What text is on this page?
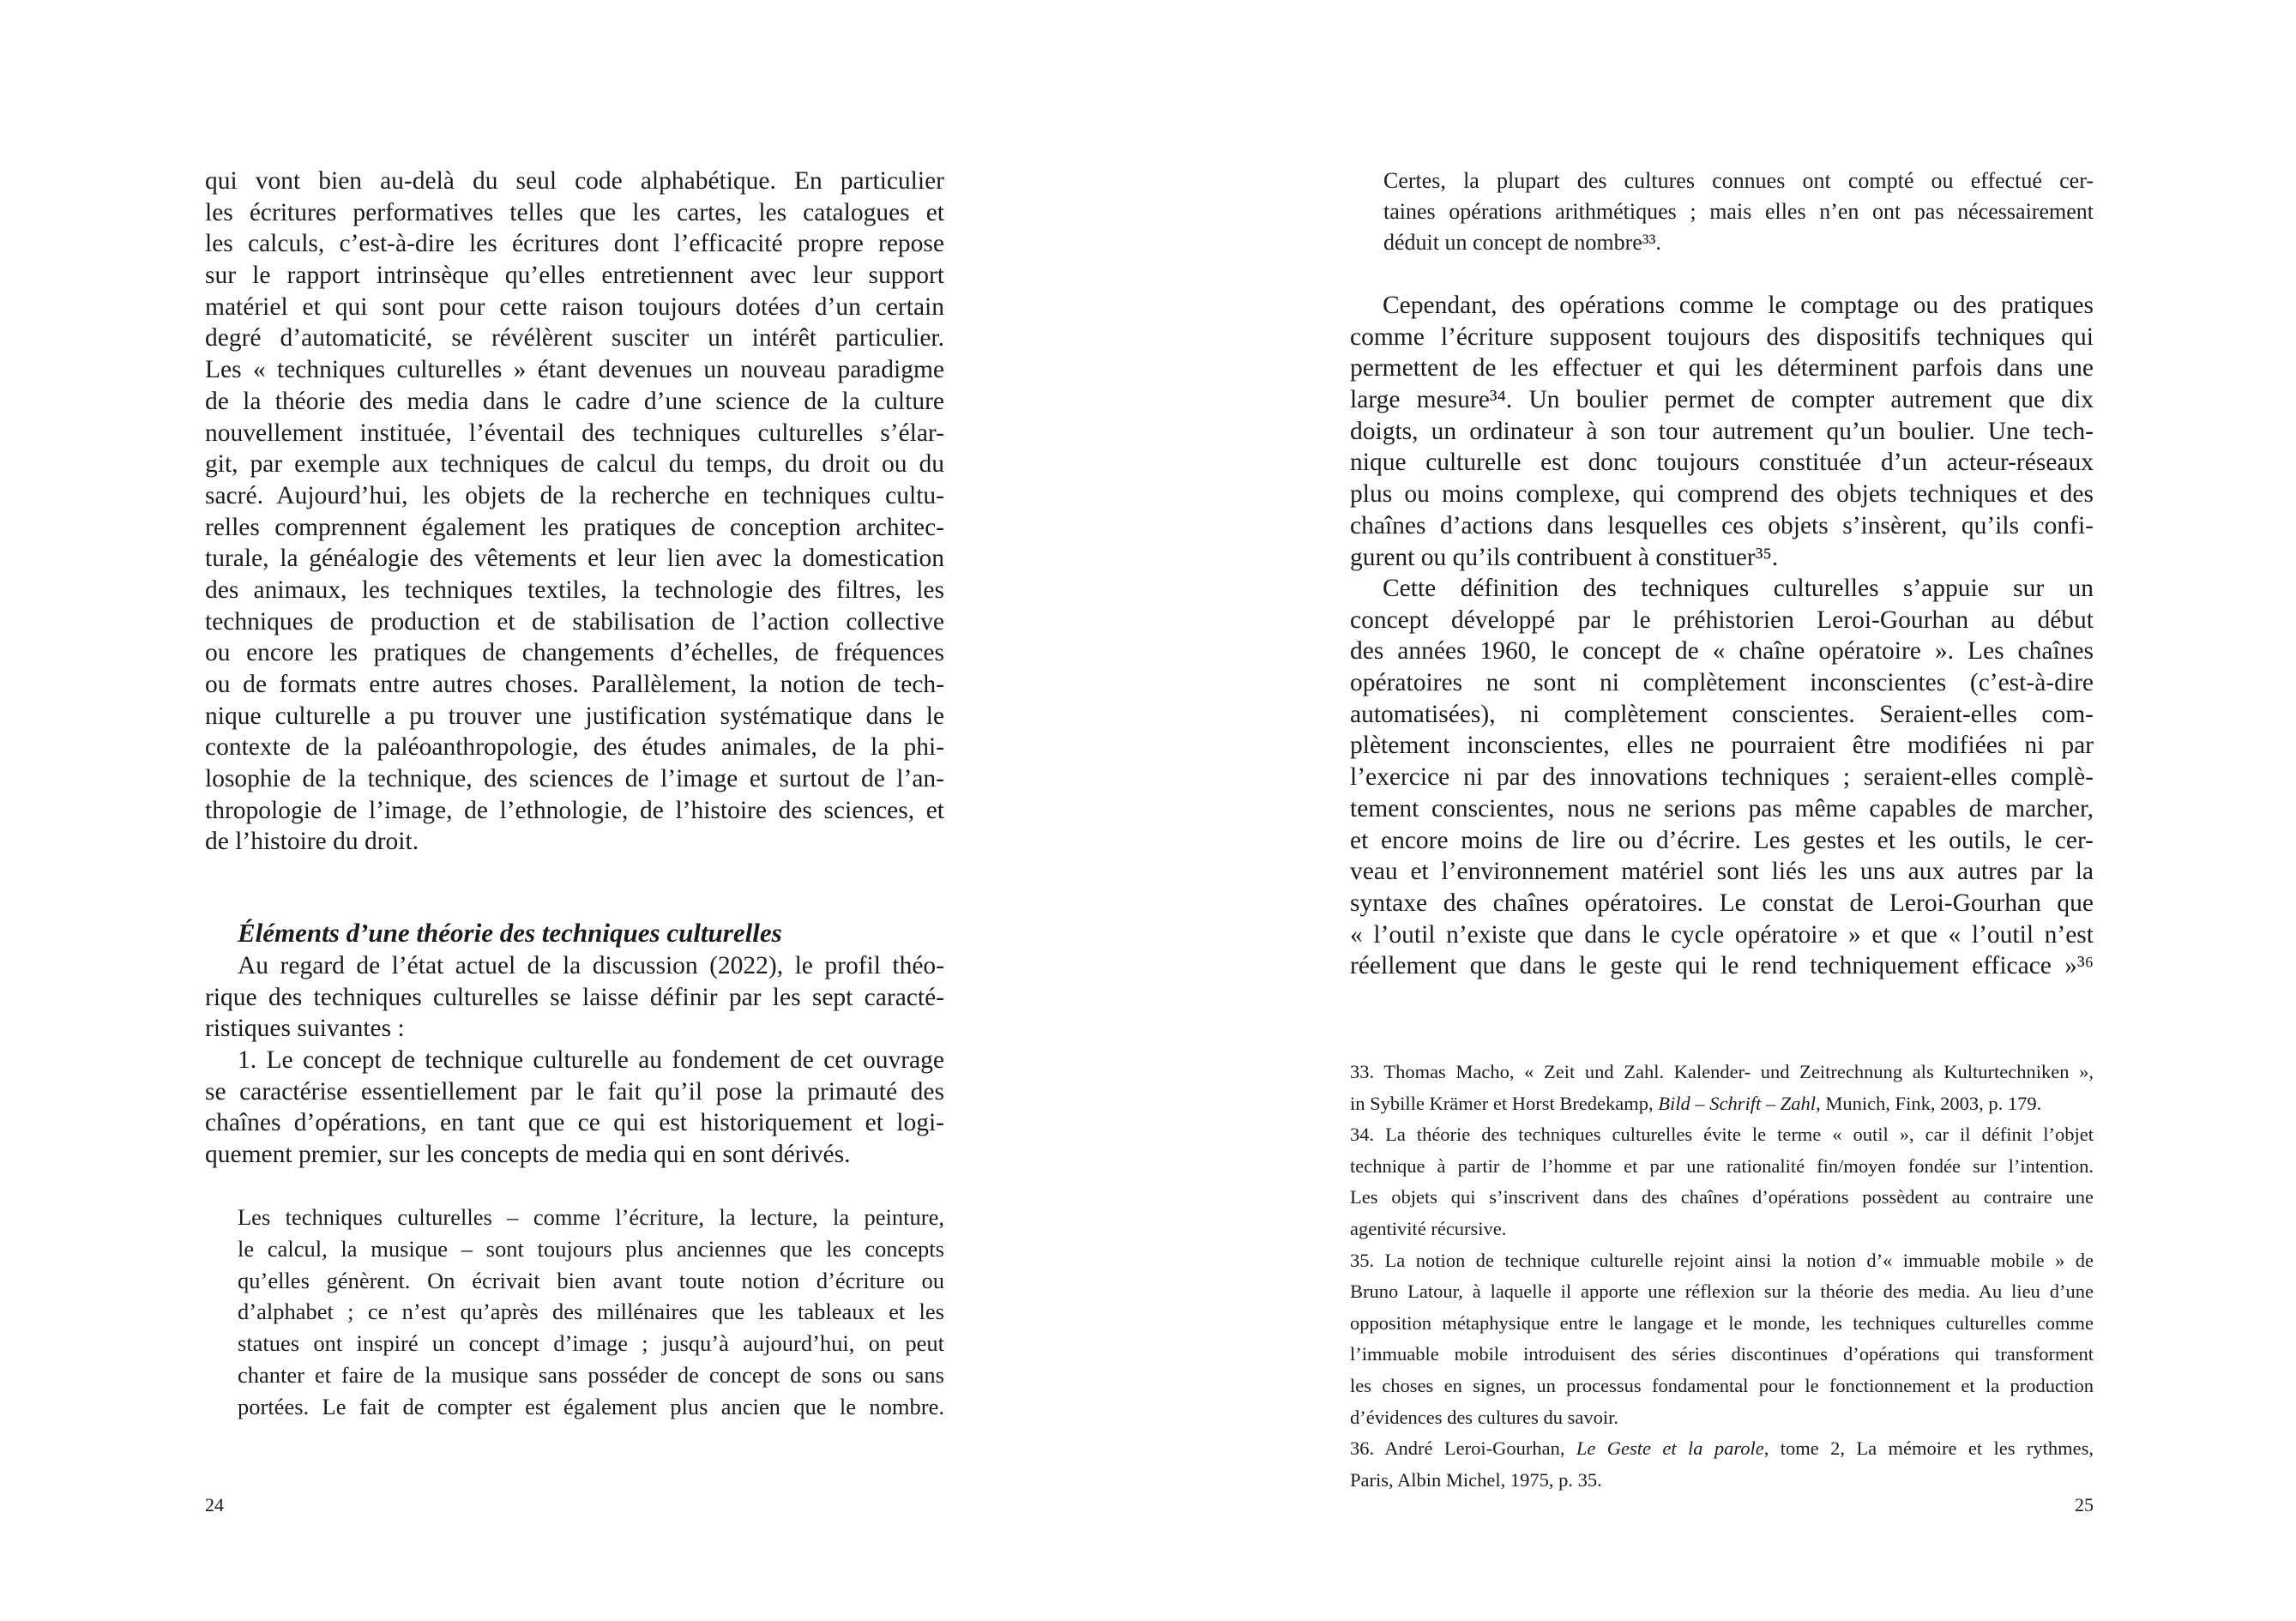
qui vont bien au-delà du seul code alphabétique. En particulier
les écritures performatives telles que les cartes, les catalogues et
les calculs, c’est-à-dire les écritures dont l’efficacité propre repose
sur le rapport intrinsèque qu’elles entretiennent avec leur support
matériel et qui sont pour cette raison toujours dotées d’un certain
degré d’automaticité, se révélèrent susciter un intérêt particulier.
Les « techniques culturelles » étant devenues un nouveau paradigme
de la théorie des media dans le cadre d’une science de la culture
nouvellement instituée, l’éventail des techniques culturelles s’élar-
git, par exemple aux techniques de calcul du temps, du droit ou du
sacré. Aujourd’hui, les objets de la recherche en techniques cultu-
relles comprennent également les pratiques de conception architec-
turale, la généalogie des vêtements et leur lien avec la domestication
des animaux, les techniques textiles, la technologie des filtres, les
techniques de production et de stabilisation de l’action collective
ou encore les pratiques de changements d’échelles, de fréquences
ou de formats entre autres choses. Parallèlement, la notion de tech-
nique culturelle a pu trouver une justification systématique dans le
contexte de la paléoanthropologie, des études animales, de la phi-
losophie de la technique, des sciences de l’image et surtout de l’an-
thropologie de l’image, de l’ethnologie, de l’histoire des sciences, et
de l’histoire du droit.
Éléments d’une théorie des techniques culturelles
Au regard de l’état actuel de la discussion (2022), le profil théo-
rique des techniques culturelles se laisse définir par les sept caracté-
ristiques suivantes :
1. Le concept de technique culturelle au fondement de cet ouvrage
se caractérise essentiellement par le fait qu’il pose la primauté des
chaînes d’opérations, en tant que ce qui est historiquement et logi-
quement premier, sur les concepts de media qui en sont dérivés.
Les techniques culturelles – comme l’écriture, la lecture, la peinture,
le calcul, la musique – sont toujours plus anciennes que les concepts
qu’elles génèrent. On écrivait bien avant toute notion d’écriture ou
d’alphabet ; ce n’est qu’après des millénaires que les tableaux et les
statues ont inspiré un concept d’image ; jusqu’à aujourd’hui, on peut
chanter et faire de la musique sans posséder de concept de sons ou sans
portées. Le fait de compter est également plus ancien que le nombre.
24
Certes, la plupart des cultures connues ont compté ou effectué cer-
taines opérations arithmétiques ; mais elles n’en ont pas nécessairement
déduit un concept de nombre³³.
Cependant, des opérations comme le comptage ou des pratiques
comme l’écriture supposent toujours des dispositifs techniques qui
permettent de les effectuer et qui les déterminent parfois dans une
large mesure³⁴. Un boulier permet de compter autrement que dix
doigts, un ordinateur à son tour autrement qu’un boulier. Une tech-
nique culturelle est donc toujours constituée d’un acteur-réseaux
plus ou moins complexe, qui comprend des objets techniques et des
chaînes d’actions dans lesquelles ces objets s’insèrent, qu’ils confi-
gurent ou qu’ils contribuent à constituer³⁵.
Cette définition des techniques culturelles s’appuie sur un
concept développé par le préhistorien Leroi-Gourhan au début
des années 1960, le concept de « chaîne opératoire ». Les chaînes
opératoires ne sont ni complètement inconscientes (c’est-à-dire
automatisées), ni complètement conscientes. Seraient-elles com-
plètement inconscientes, elles ne pourraient être modifiées ni par
l’exercice ni par des innovations techniques ; seraient-elles complè-
tement conscientes, nous ne serions pas même capables de marcher,
et encore moins de lire ou d’écrire. Les gestes et les outils, le cer-
veau et l’environnement matériel sont liés les uns aux autres par la
syntaxe des chaînes opératoires. Le constat de Leroi-Gourhan que
« l’outil n’existe que dans le cycle opératoire » et que « l’outil n’est
réellement que dans le geste qui le rend techniquement efficace »³⁶
33. Thomas Macho, « Zeit und Zahl. Kalender- und Zeitrechnung als Kulturtechniken »,
in Sybille Krämer et Horst Bredekamp, Bild – Schrift – Zahl, Munich, Fink, 2003, p. 179.
34. La théorie des techniques culturelles évite le terme « outil », car il définit l’objet
technique à partir de l’homme et par une rationalité fin/moyen fondée sur l’intention.
Les objets qui s’inscrivent dans des chaînes d’opérations possèdent au contraire une
agentivité récursive.
35. La notion de technique culturelle rejoint ainsi la notion d’« immuable mobile » de
Bruno Latour, à laquelle il apporte une réflexion sur la théorie des media. Au lieu d’une
opposition métaphysique entre le langage et le monde, les techniques culturelles comme
l’immuable mobile introduisent des séries discontinues d’opérations qui transforment
les choses en signes, un processus fondamental pour le fonctionnement et la production
d’évidences des cultures du savoir.
36. André Leroi-Gourhan, Le Geste et la parole, tome 2, La mémoire et les rythmes,
Paris, Albin Michel, 1975, p. 35.
25
